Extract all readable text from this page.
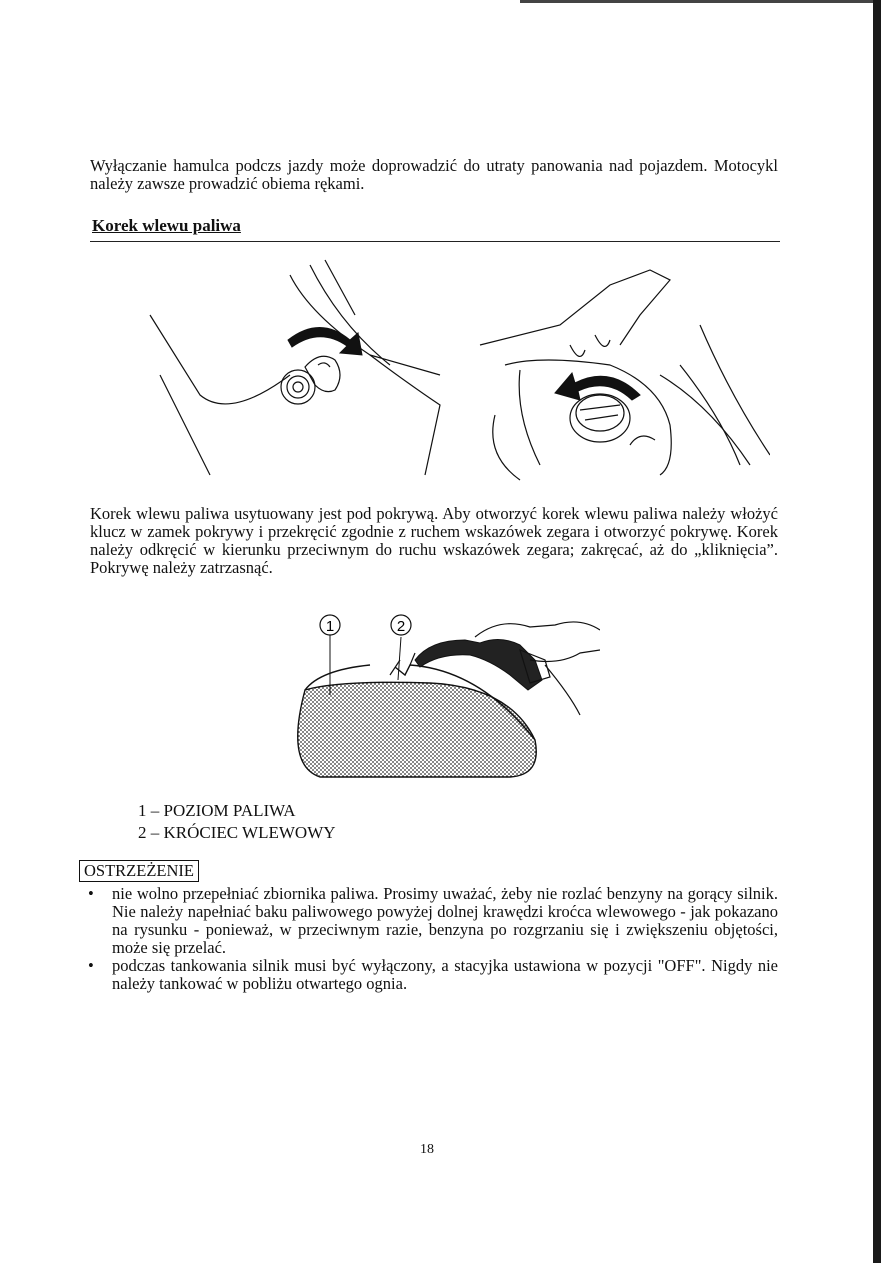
Wyłączanie hamulca podczs jazdy może doprowadzić do utraty panowania nad pojazdem. Motocykl należy zawsze prowadzić obiema rękami.
Korek wlewu paliwa
Korek wlewu paliwa usytuowany jest pod pokrywą. Aby otworzyć korek wlewu paliwa należy włożyć klucz w zamek pokrywy i przekręcić zgodnie z ruchem wskazówek zegara i otworzyć pokrywę. Korek należy odkręcić w kierunku przeciwnym do ruchu wskazówek zegara; zakręcać, aż do „kliknięcia”. Pokrywę należy zatrzasnąć.
1	2
1 – POZIOM PALIWA
2 – KRÓCIEC WLEWOWY
OSTRZEŻENIE
• nie wolno przepełniać zbiornika paliwa. Prosimy uważać, żeby nie rozlać benzyny na gorący silnik. Nie należy napełniać baku paliwowego powyżej dolnej krawędzi krоćca wlewowego - jak pokazano na rysunku - ponieważ, w przeciwnym razie, benzyna po rozgrzaniu się i zwiększeniu objętości, może się przelać.
• podczas tankowania silnik musi być wyłączony, a stacyjka ustawiona w pozycji "OFF". Nigdy nie należy tankować w pobliżu otwartego ognia.
18
